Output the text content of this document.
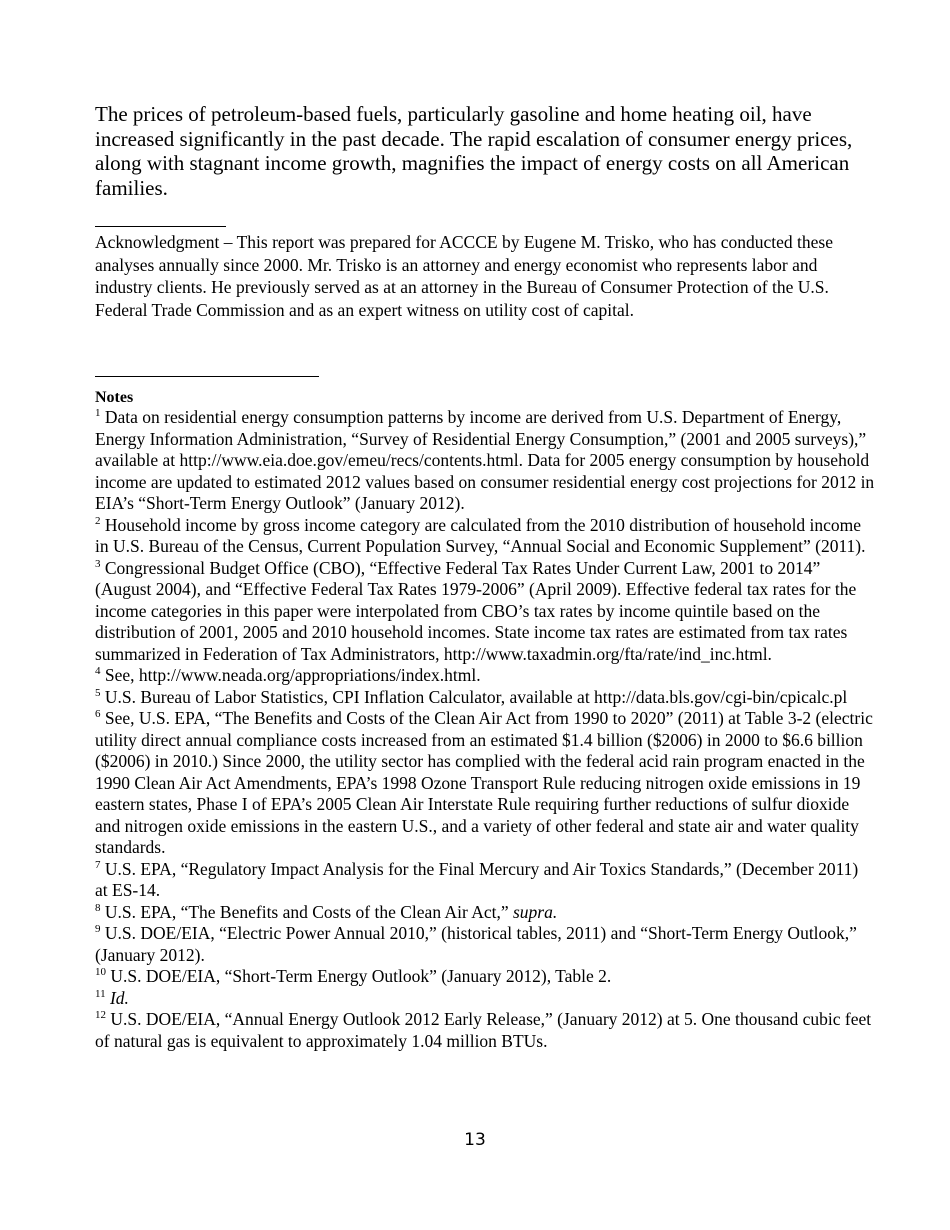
The prices of petroleum-based fuels, particularly gasoline and home heating oil, have increased significantly in the past decade. The rapid escalation of consumer energy prices, along with stagnant income growth, magnifies the impact of energy costs on all American families.

Acknowledgment – This report was prepared for ACCCE by Eugene M. Trisko, who has conducted these analyses annually since 2000. Mr. Trisko is an attorney and energy economist who represents labor and industry clients. He previously served as at an attorney in the Bureau of Consumer Protection of the U.S. Federal Trade Commission and as an expert witness on utility cost of capital.

Notes

$^1$ Data on residential energy consumption patterns by income are derived from U.S. Department of Energy, Energy Information Administration, “Survey of Residential Energy Consumption,” (2001 and 2005 surveys),” available at http://www.eia.doe.gov/emeu/recs/contents.html. Data for 2005 energy consumption by household income are updated to estimated 2012 values based on consumer residential energy cost projections for 2012 in EIA’s “Short-Term Energy Outlook” (January 2012).

$^2$ Household income by gross income category are calculated from the 2010 distribution of household income in U.S. Bureau of the Census, Current Population Survey, “Annual Social and Economic Supplement” (2011).

$^3$ Congressional Budget Office (CBO), “Effective Federal Tax Rates Under Current Law, 2001 to 2014” (August 2004), and “Effective Federal Tax Rates 1979-2006” (April 2009). Effective federal tax rates for the income categories in this paper were interpolated from CBO’s tax rates by income quintile based on the distribution of 2001, 2005 and 2010 household incomes. State income tax rates are estimated from tax rates summarized in Federation of Tax Administrators, http://www.taxadmin.org/fta/rate/ind_inc.html.

$^4$ See, http://www.neada.org/appropriations/index.html.

$^5$ U.S. Bureau of Labor Statistics, CPI Inflation Calculator, available at http://data.bls.gov/cgi-bin/cpicalc.pl

$^6$ See, U.S. EPA, “The Benefits and Costs of the Clean Air Act from 1990 to 2020” (2011) at Table 3-2 (electric utility direct annual compliance costs increased from an estimated $1.4 billion ($2006) in 2000 to $6.6 billion ($2006) in 2010.) Since 2000, the utility sector has complied with the federal acid rain program enacted in the 1990 Clean Air Act Amendments, EPA’s 1998 Ozone Transport Rule reducing nitrogen oxide emissions in 19 eastern states, Phase I of EPA’s 2005 Clean Air Interstate Rule requiring further reductions of sulfur dioxide and nitrogen oxide emissions in the eastern U.S., and a variety of other federal and state air and water quality standards.

$^7$ U.S. EPA, “Regulatory Impact Analysis for the Final Mercury and Air Toxics Standards,” (December 2011) at ES-14.

$^8$ U.S. EPA, “The Benefits and Costs of the Clean Air Act,” supra.

$^9$ U.S. DOE/EIA, “Electric Power Annual 2010,” (historical tables, 2011) and “Short-Term Energy Outlook,” (January 2012).

$^{10}$ U.S. DOE/EIA, “Short-Term Energy Outlook” (January 2012), Table 2.

$^{11}$ Id.

$^{12}$ U.S. DOE/EIA, “Annual Energy Outlook 2012 Early Release,” (January 2012) at 5. One thousand cubic feet of natural gas is equivalent to approximately 1.04 million BTUs.

13
